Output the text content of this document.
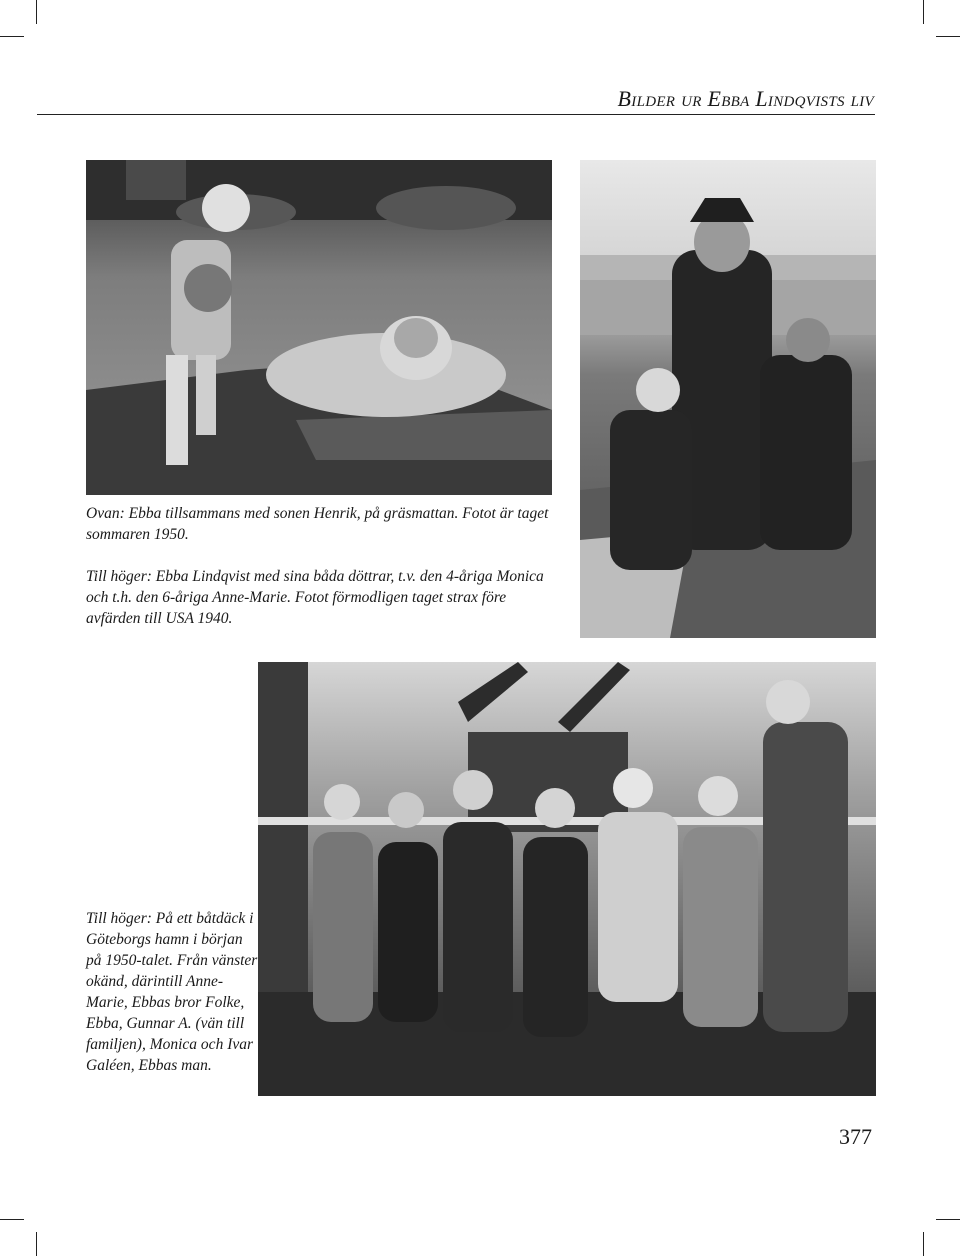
Bilder ur Ebba Lindqvists liv

Ovan: Ebba tillsammans med sonen Henrik, på gräsmattan. Fotot är taget sommaren 1950.

Till höger: Ebba Lindqvist med sina båda döttrar, t.v. den 4-åriga Monica och t.h. den 6-åriga Anne-Marie. Fotot förmodligen taget strax före avfärden till USA 1940.

Till höger: På ett båtdäck i Göteborgs hamn i början på 1950-talet. Från vänster okänd, därintill Anne-Marie, Ebbas bror Folke, Ebba, Gunnar A. (vän till familjen), Monica och Ivar Galéen, Ebbas man.

377
